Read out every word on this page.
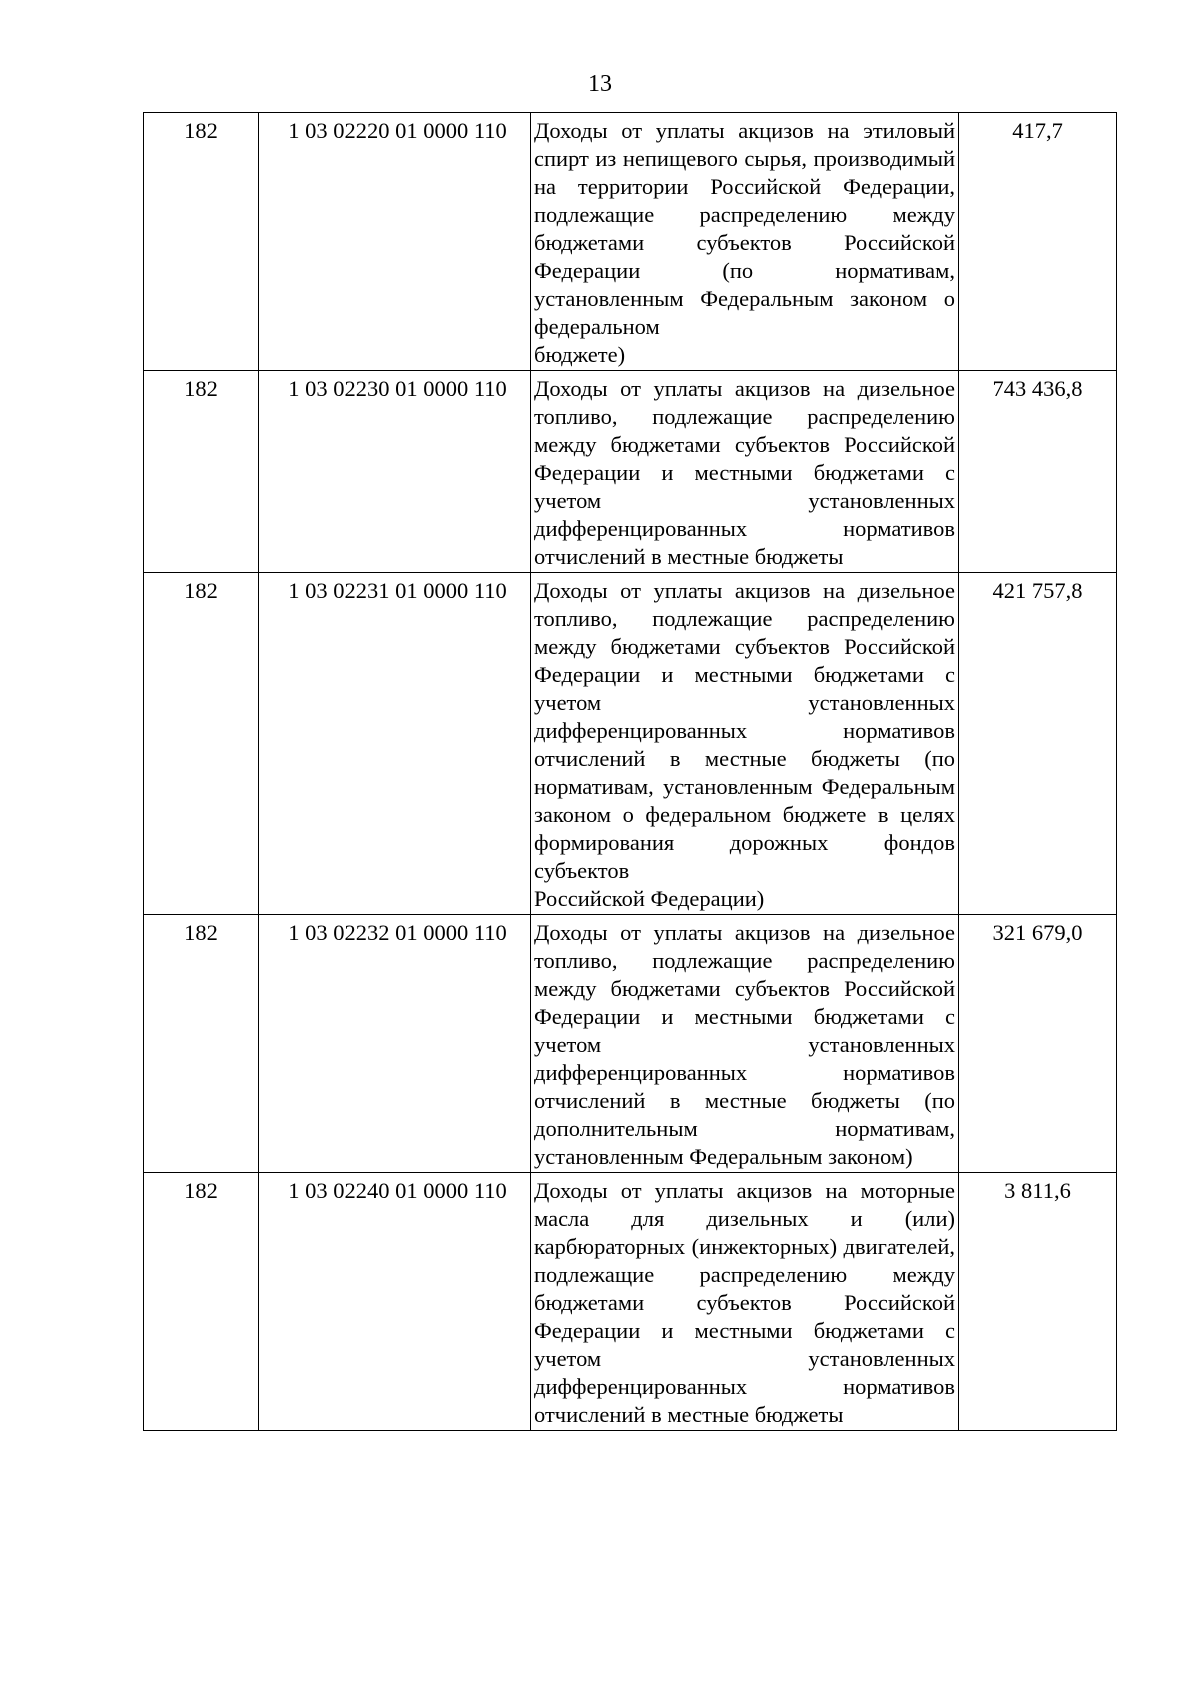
13
182	1 03 02220 01 0000 110	Доходы от уплаты акцизов на этиловый спирт из непищевого сырья, производимый на территории Российской Федерации, подлежащие распределению между бюджетами субъектов Российской Федерации (по нормативам, установленным Федеральным законом о федеральном
бюджете)	417,7
182	1 03 02230 01 0000 110	Доходы от уплаты акцизов на дизельное топливо, подлежащие распределению между бюджетами субъектов Российской Федерации и местными бюджетами с учетом установленных дифференцированных нормативов
отчислений в местные бюджеты	743 436,8
182	1 03 02231 01 0000 110	Доходы от уплаты акцизов на дизельное топливо, подлежащие распределению между бюджетами субъектов Российской Федерации и местными бюджетами с учетом установленных дифференцированных нормативов отчислений в местные бюджеты (по нормативам, установленным Федеральным законом о федеральном бюджете в целях формирования дорожных фондов субъектов
Российской Федерации)	421 757,8
182	1 03 02232 01 0000 110	Доходы от уплаты акцизов на дизельное топливо, подлежащие распределению между бюджетами субъектов Российской Федерации и местными бюджетами с учетом установленных дифференцированных нормативов отчислений в местные бюджеты (по дополнительным нормативам,
установленным Федеральным законом)	321 679,0
182	1 03 02240 01 0000 110	Доходы от уплаты акцизов на моторные масла для дизельных и (или) карбюраторных (инжекторных) двигателей, подлежащие распределению между бюджетами субъектов Российской Федерации и местными бюджетами с учетом установленных дифференцированных нормативов
отчислений в местные бюджеты	3 811,6
